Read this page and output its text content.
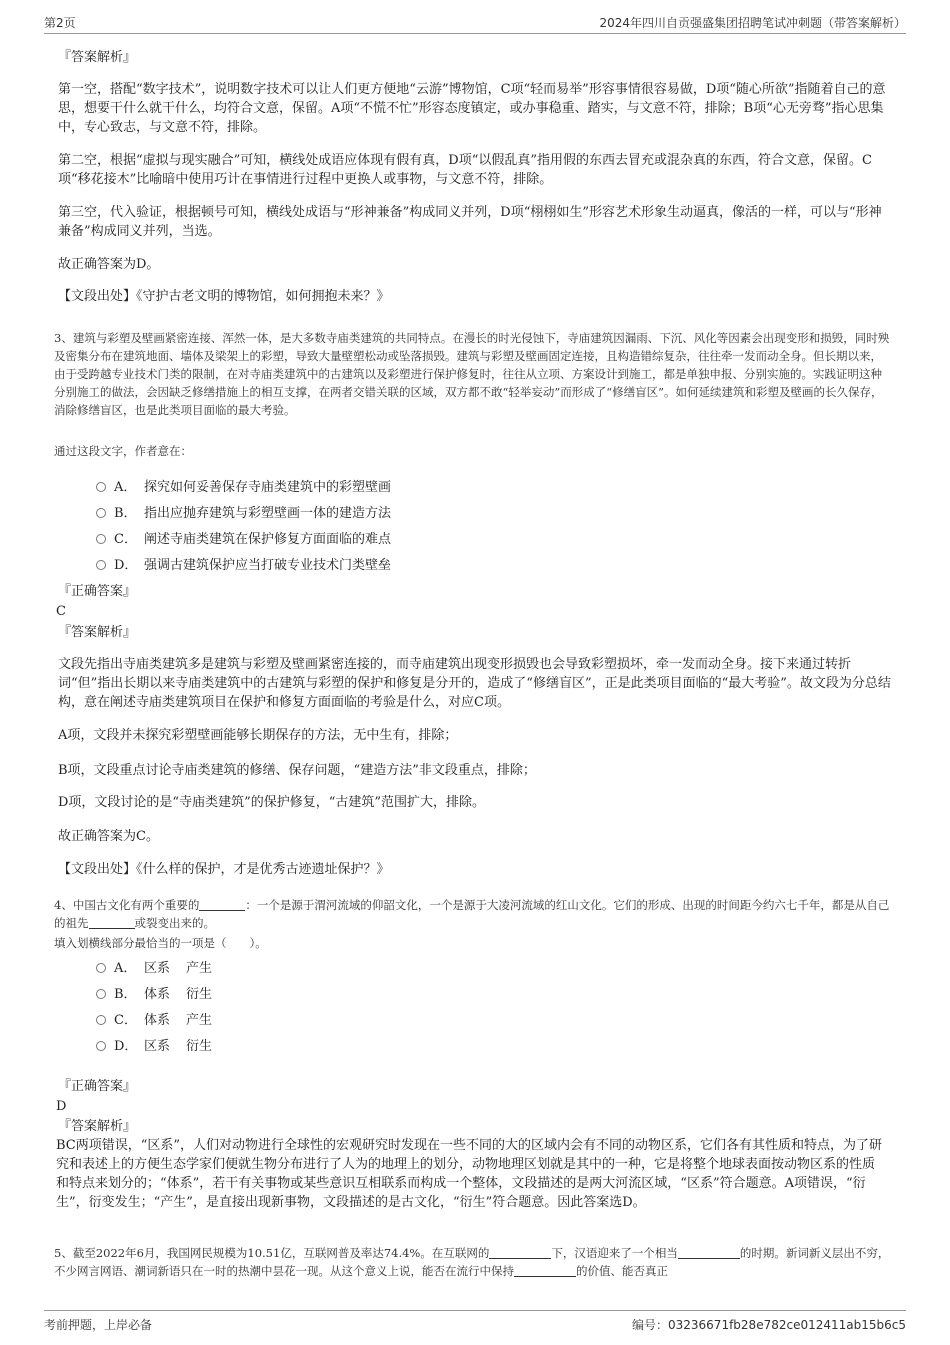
第2页	2024年四川自贡强盛集团招聘笔试冲刺题（带答案解析）
『答案解析』
第一空，搭配“数字技术”，说明数字技术可以让人们更方便地“云游”博物馆，C项“轻而易举”形容事情很容易做，D项“随心所欲”指随着自己的意思，想要干什么就干什么，均符合文意，保留。A项“不慌不忙”形容态度镇定，或办事稳重、踏实，与文意不符，排除；B项“心无旁骛”指心思集中，专心致志，与文意不符，排除。
第二空，根据“虚拟与现实融合”可知，横线处成语应体现有假有真，D项“以假乱真”指用假的东西去冒充或混杂真的东西，符合文意，保留。C项“移花接木”比喻暗中使用巧计在事情进行过程中更换人或事物，与文意不符，排除。
第三空，代入验证，根据顿号可知，横线处成语与“形神兼备”构成同义并列，D项“栩栩如生”形容艺术形象生动逼真，像活的一样，可以与“形神兼备”构成同义并列，当选。
故正确答案为D。
【文段出处】《守护古老文明的博物馆，如何拥抱未来？》
3、建筑与彩塑及壁画紧密连接、浑然一体，是大多数寺庙类建筑的共同特点。在漫长的时光侵蚀下，寺庙建筑因漏雨、下沉、风化等因素会出现变形和损毁，同时殃及密集分布在建筑地面、墙体及梁架上的彩塑，导致大量壁塑松动或坠落损毁。建筑与彩塑及壁画固定连接，且构造错综复杂，往往牵一发而动全身。但长期以来，由于受跨越专业技术门类的限制，在对寺庙类建筑中的古建筑以及彩塑进行保护修复时，往往从立项、方案设计到施工，都是单独申报、分别实施的。实践证明这种分别施工的做法，会因缺乏修缮措施上的相互支撑，在两者交错关联的区域，双方都不敢“轻举妄动”而形成了“修缮盲区”。如何延续建筑和彩塑及壁画的长久保存，消除修缮盲区，也是此类项目面临的最大考验。
通过这段文字，作者意在：
A． 探究如何妥善保存寺庙类建筑中的彩塑壁画
B． 指出应抛弃建筑与彩塑壁画一体的建造方法
C． 阐述寺庙类建筑在保护修复方面面临的难点
D． 强调古建筑保护应当打破专业技术门类壁垒
『正确答案』
C
『答案解析』
文段先指出寺庙类建筑多是建筑与彩塑及壁画紧密连接的，而寺庙建筑出现变形损毁也会导致彩塑损坏，牵一发而动全身。接下来通过转折词“但”指出长期以来寺庙类建筑中的古建筑与彩塑的保护和修复是分开的，造成了“修缮盲区”，正是此类项目面临的“最大考验”。故文段为分总结构，意在阐述寺庙类建筑项目在保护和修复方面面临的考验是什么，对应C项。
A项，文段并未探究彩塑壁画能够长期保存的方法，无中生有，排除；
B项，文段重点讨论寺庙类建筑的修缮、保存问题，“建造方法”非文段重点，排除；
D项，文段讨论的是“寺庙类建筑”的保护修复，“古建筑”范围扩大，排除。
故正确答案为C。
【文段出处】《什么样的保护，才是优秀古迹遗址保护？》
4、中国古文化有两个重要的	：一个是源于渭河流域的仰韶文化，一个是源于大凌河流域的红山文化。它们的形成、出现的时间距今约六七千年，都是从自己的祖先	或裂变出来的。
填入划横线部分最恰当的一项是（　　）。
A． 区系 产生
B． 体系 衍生
C． 体系 产生
D． 区系 衍生
『正确答案』
D
『答案解析』
BC两项错误，“区系”，人们对动物进行全球性的宏观研究时发现在一些不同的大的区域内会有不同的动物区系，它们各有其性质和特点，为了研究和表述上的方便生态学家们便就生物分布进行了人为的地理上的划分，动物地理区划就是其中的一种，它是将整个地球表面按动物区系的性质和特点来划分的；“体系”，若干有关事物或某些意识互相联系而构成一个整体，文段描述的是两大河流区域，“区系”符合题意。A项错误，“衍生”，衍变发生；“产生”，是直接出现新事物，文段描述的是古文化，“衍生”符合题意。因此答案选D。
5、截至2022年6月，我国网民规模为10.51亿，互联网普及率达74.4%。在互联网的	下，汉语迎来了一个相当	的时期。新词新义层出不穷，不少网言网语、潮词新语只在一时的热潮中昙花一现。从这个意义上说，能否在流行中保持	的价值、能否真正
考前押题，上岸必备	编号：03236671fb28e782ce012411ab15b6c5
